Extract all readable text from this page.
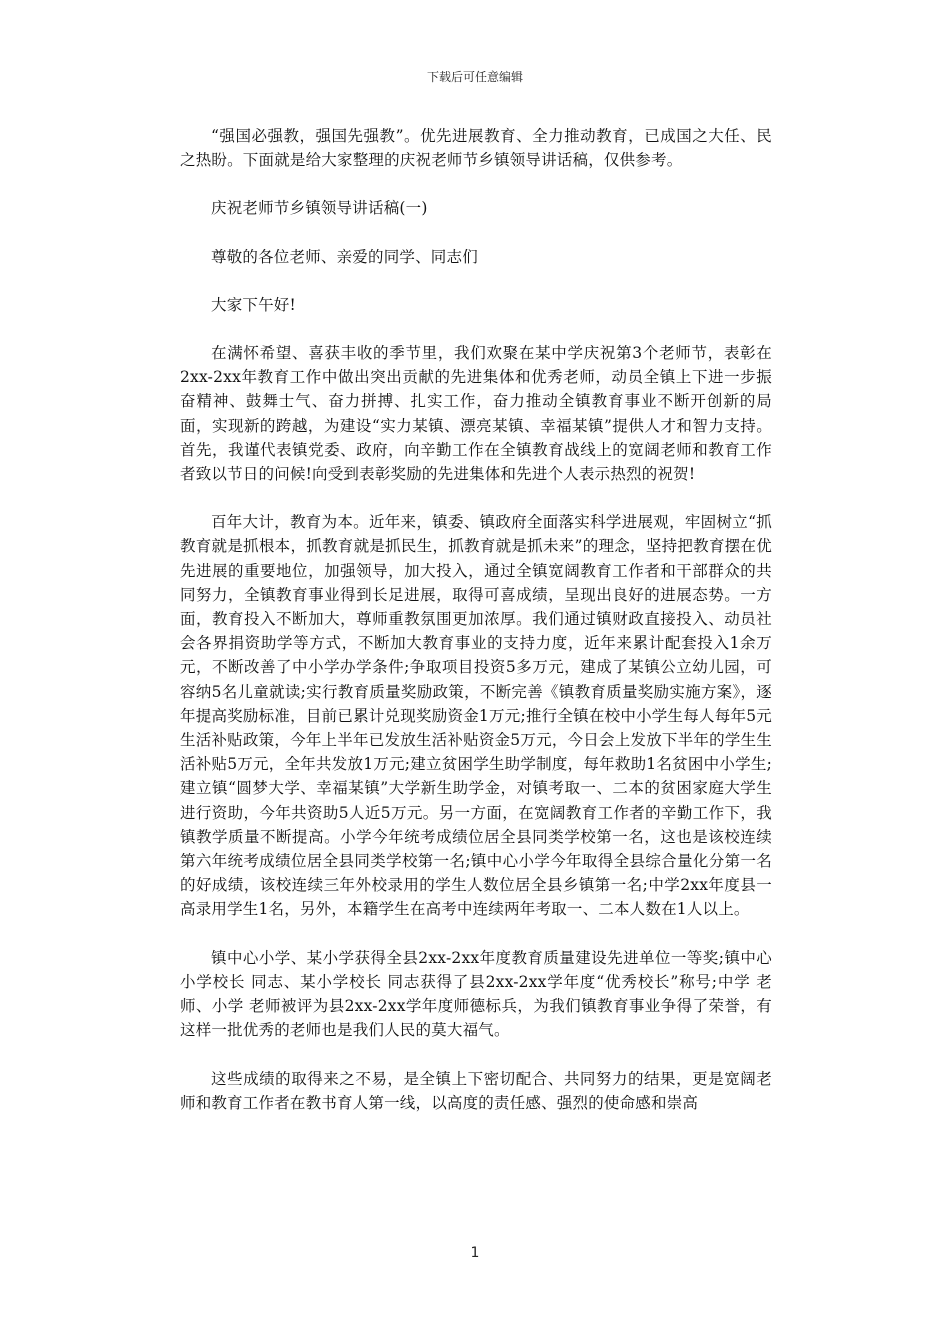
下载后可任意编辑

“强国必强教，强国先强教”。优先进展教育、全力推动教育，已成国之大任、民之热盼。下面就是给大家整理的庆祝老师节乡镇领导讲话稿，仅供参考。

庆祝老师节乡镇领导讲话稿(一)

尊敬的各位老师、亲爱的同学、同志们

大家下午好!

在满怀希望、喜获丰收的季节里，我们欢聚在某中学庆祝第3个老师节，表彰在2xx-2xx年教育工作中做出突出贡献的先进集体和优秀老师，动员全镇上下进一步振奋精神、鼓舞士气、奋力拼搏、扎实工作，奋力推动全镇教育事业不断开创新的局面，实现新的跨越，为建设“实力某镇、漂亮某镇、幸福某镇”提供人才和智力支持。首先，我谨代表镇党委、政府，向辛勤工作在全镇教育战线上的宽阔老师和教育工作者致以节日的问候!向受到表彰奖励的先进集体和先进个人表示热烈的祝贺!

百年大计，教育为本。近年来，镇委、镇政府全面落实科学进展观，牢固树立“抓教育就是抓根本，抓教育就是抓民生，抓教育就是抓未来”的理念，坚持把教育摆在优先进展的重要地位，加强领导，加大投入，通过全镇宽阔教育工作者和干部群众的共同努力，全镇教育事业得到长足进展，取得可喜成绩，呈现出良好的进展态势。一方面，教育投入不断加大，尊师重教氛围更加浓厚。我们通过镇财政直接投入、动员社会各界捐资助学等方式，不断加大教育事业的支持力度，近年来累计配套投入1余万元，不断改善了中小学办学条件;争取项目投资5多万元，建成了某镇公立幼儿园，可容纳5名儿童就读;实行教育质量奖励政策，不断完善《镇教育质量奖励实施方案》，逐年提高奖励标准，目前已累计兑现奖励资金1万元;推行全镇在校中小学生每人每年5元生活补贴政策，今年上半年已发放生活补贴资金5万元，今日会上发放下半年的学生生活补贴5万元，全年共发放1万元;建立贫困学生助学制度，每年救助1名贫困中小学生;建立镇“圆梦大学、幸福某镇”大学新生助学金，对镇考取一、二本的贫困家庭大学生进行资助，今年共资助5人近5万元。另一方面，在宽阔教育工作者的辛勤工作下，我镇教学质量不断提高。小学今年统考成绩位居全县同类学校第一名，这也是该校连续第六年统考成绩位居全县同类学校第一名;镇中心小学今年取得全县综合量化分第一名的好成绩，该校连续三年外校录用的学生人数位居全县乡镇第一名;中学2xx年度县一高录用学生1名，另外，本籍学生在高考中连续两年考取一、二本人数在1人以上。

镇中心小学、某小学获得全县2xx-2xx年度教育质量建设先进单位一等奖;镇中心小学校长 同志、某小学校长 同志获得了县2xx-2xx学年度“优秀校长”称号;中学 老师、小学 老师被评为县2xx-2xx学年度师德标兵，为我们镇教育事业争得了荣誉，有这样一批优秀的老师也是我们人民的莫大福气。

这些成绩的取得来之不易，是全镇上下密切配合、共同努力的结果，更是宽阔老师和教育工作者在教书育人第一线，以高度的责任感、强烈的使命感和崇高

1
